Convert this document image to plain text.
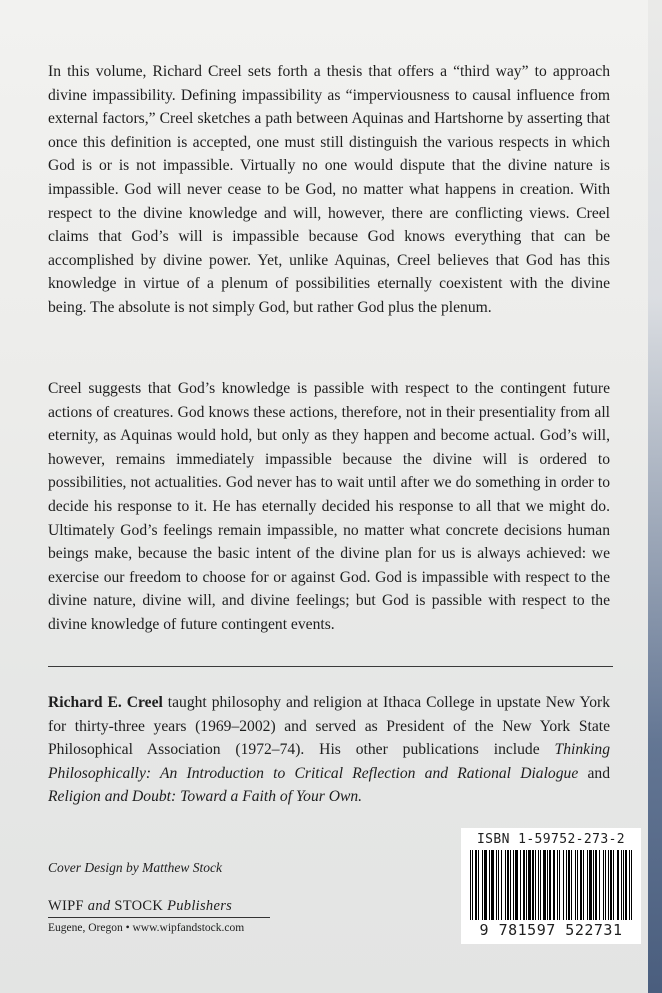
In this volume, Richard Creel sets forth a thesis that offers a “third way” to approach divine impassibility. Defining impassibility as “imperviousness to causal influence from external factors,” Creel sketches a path between Aquinas and Hartshorne by asserting that once this definition is accepted, one must still distinguish the various respects in which God is or is not impassible. Virtually no one would dispute that the divine nature is impassible. God will never cease to be God, no matter what happens in creation. With respect to the divine knowledge and will, however, there are conflicting views. Creel claims that God’s will is impassible because God knows everything that can be accomplished by divine power. Yet, unlike Aquinas, Creel believes that God has this knowledge in virtue of a plenum of possibilities eternally coexistent with the divine being. The absolute is not simply God, but rather God plus the plenum.

Creel suggests that God’s knowledge is passible with respect to the contingent future actions of creatures. God knows these actions, therefore, not in their presentiality from all eternity, as Aquinas would hold, but only as they happen and become actual. God’s will, however, remains immediately impassible because the divine will is ordered to possibilities, not actualities. God never has to wait until after we do something in order to decide his response to it. He has eternally decided his response to all that we might do. Ultimately God’s feelings remain impassible, no matter what concrete decisions human beings make, because the basic intent of the divine plan for us is always achieved: we exercise our freedom to choose for or against God. God is impassible with respect to the divine nature, divine will, and divine feelings; but God is passible with respect to the divine knowledge of future contingent events.

Richard E. Creel taught philosophy and religion at Ithaca College in upstate New York for thirty-three years (1969–2002) and served as President of the New York State Philosophical Association (1972–74). His other publications include Thinking Philosophically: An Introduction to Critical Reflection and Rational Dialogue and Religion and Doubt: Toward a Faith of Your Own.

Cover Design by Matthew Stock

WIPF and STOCK Publishers

Eugene, Oregon • www.wipfandstock.com

ISBN 1-59752-273-2
9 781597 522731
